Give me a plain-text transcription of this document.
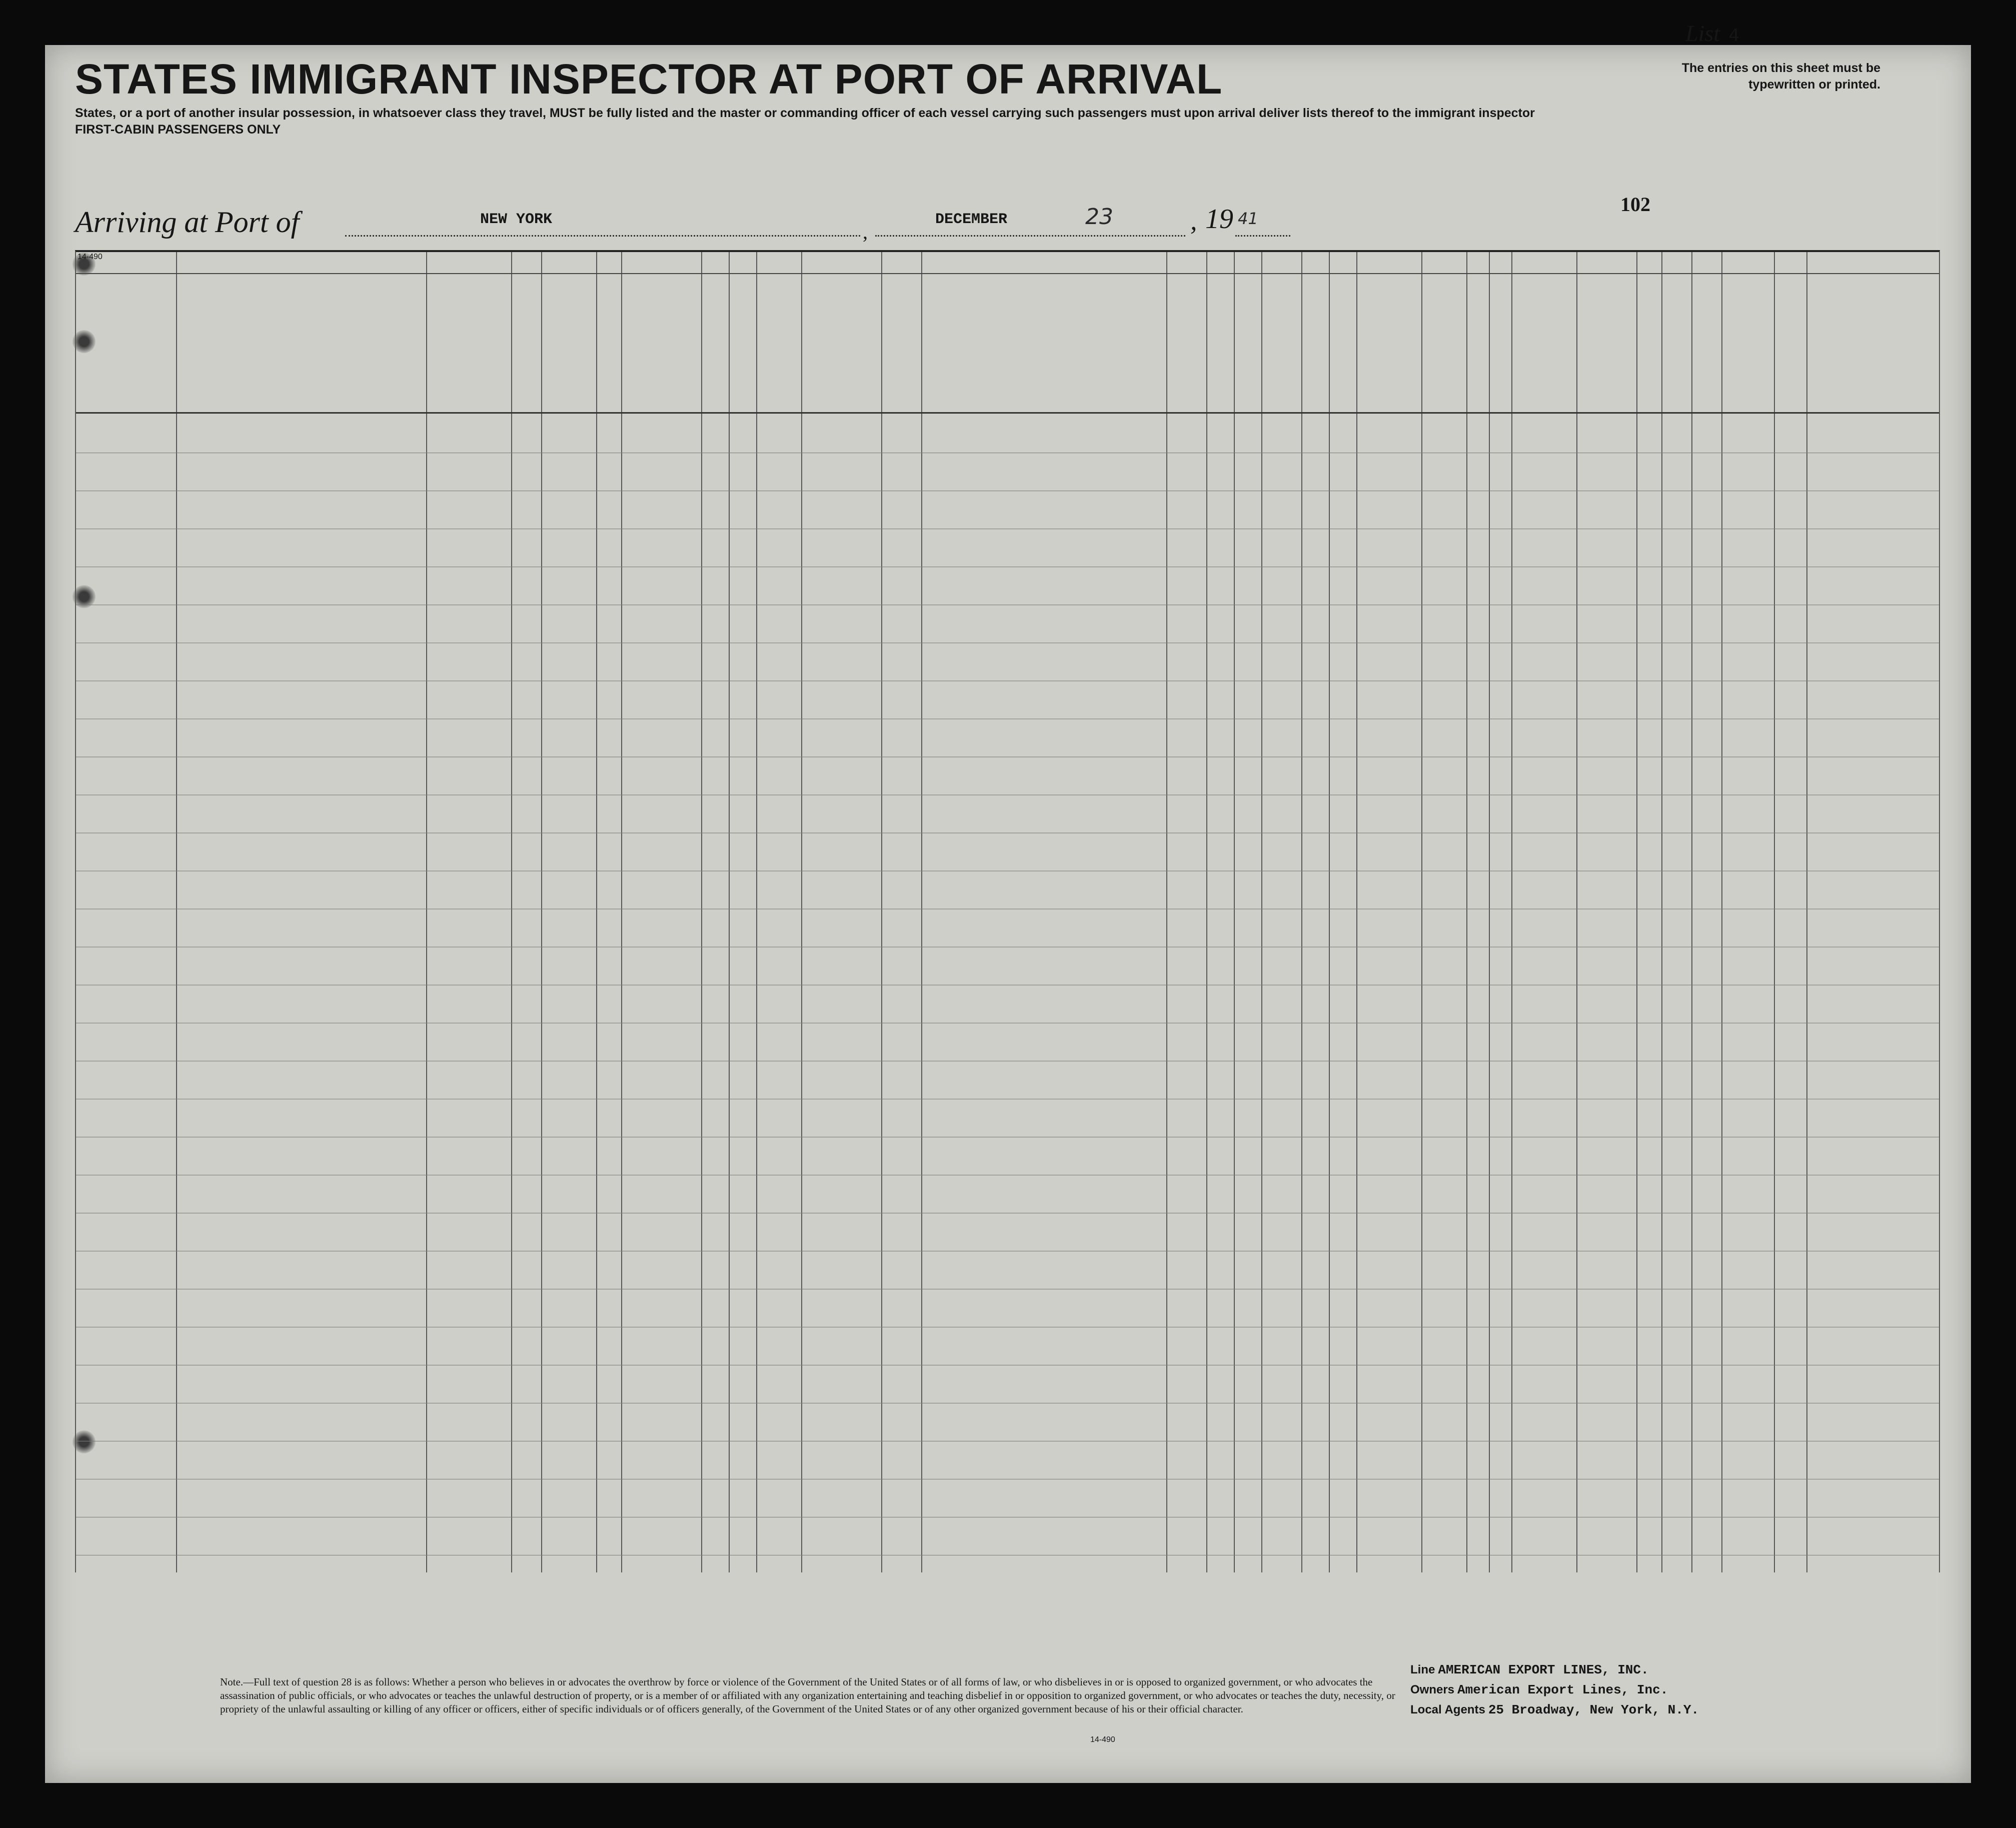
STATES IMMIGRANT INSPECTOR AT PORT OF ARRIVAL
List 4
The entries on this sheet must be typewritten or printed.
States, or a port of another insular possession, in whatsoever class they travel, MUST be fully listed and the master or commanding officer of each vessel carrying such passengers must upon arrival deliver lists thereof to the immigrant inspector
FIRST-CABIN PASSENGERS ONLY
Arriving at Port of	NEW YORK
,
DECEMBER	23	, 19 41
102
14-490
Note.—Full text of question 28 is as follows: Whether a person who believes in or advocates the overthrow by force or violence of the Government of the United States or of all forms of law, or who disbelieves in or is opposed to organized government, or who advocates the assassination of public officials, or who advocates or teaches the unlawful destruction of property, or is a member of or affiliated with any organization entertaining and teaching disbelief in or opposition to organized government, or who advocates or teaches the duty, necessity, or propriety of the unlawful assaulting or killing of any officer or officers, either of specific individuals or of officers generally, of the Government of the United States or of any other organized government because of his or their official character.
14-490
Line AMERICAN EXPORT LINES, INC.
Owners American Export Lines, Inc.
Local Agents 25 Broadway, New York, N.Y.
